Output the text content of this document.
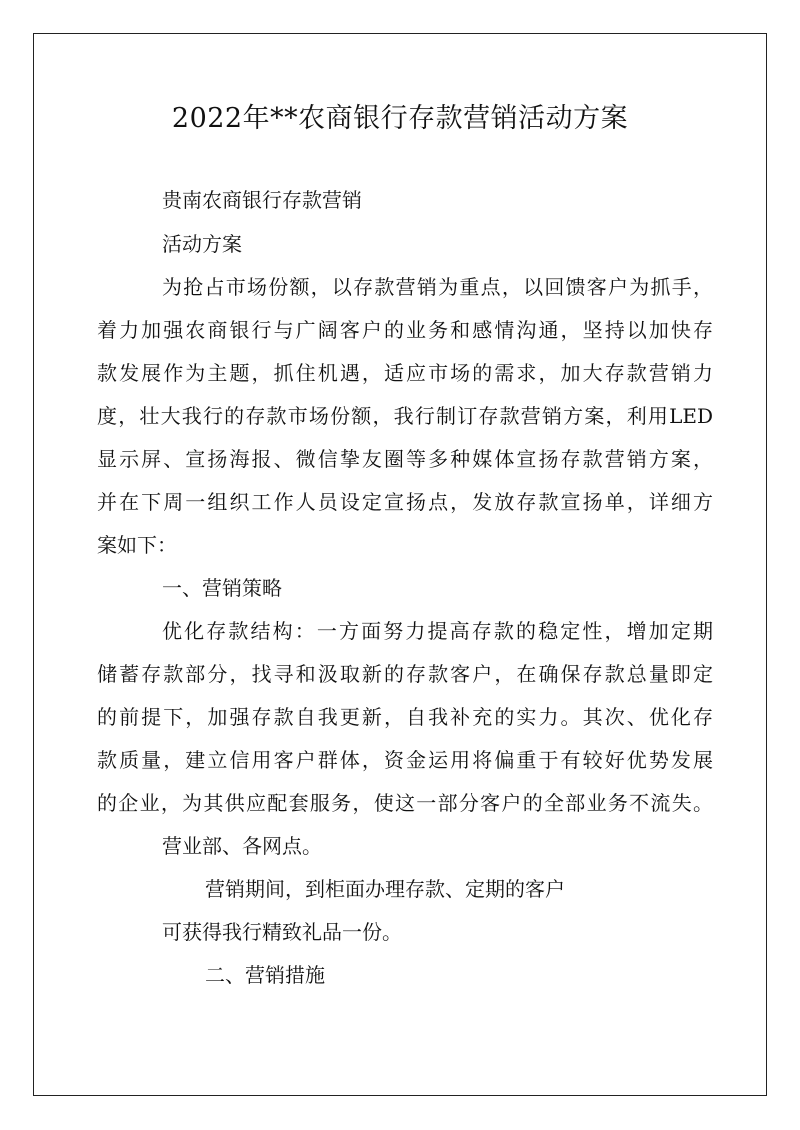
2022年**农商银行存款营销活动方案
贵南农商银行存款营销
活动方案
为抢占市场份额，以存款营销为重点，以回馈客户为抓手，
着力加强农商银行与广阔客户的业务和感情沟通，坚持以加快存
款发展作为主题，抓住机遇，适应市场的需求，加大存款营销力
度，壮大我行的存款市场份额，我行制订存款营销方案，利用LED
显示屏、宣扬海报、微信挚友圈等多种媒体宣扬存款营销方案，
并在下周一组织工作人员设定宣扬点，发放存款宣扬单，详细方
案如下：
一、营销策略
优化存款结构：一方面努力提高存款的稳定性，增加定期
储蓄存款部分，找寻和汲取新的存款客户，在确保存款总量即定
的前提下，加强存款自我更新，自我补充的实力。其次、优化存
款质量，建立信用客户群体，资金运用将偏重于有较好优势发展
的企业，为其供应配套服务，使这一部分客户的全部业务不流失。
营业部、各网点。
营销期间，到柜面办理存款、定期的客户
可获得我行精致礼品一份。
二、营销措施
